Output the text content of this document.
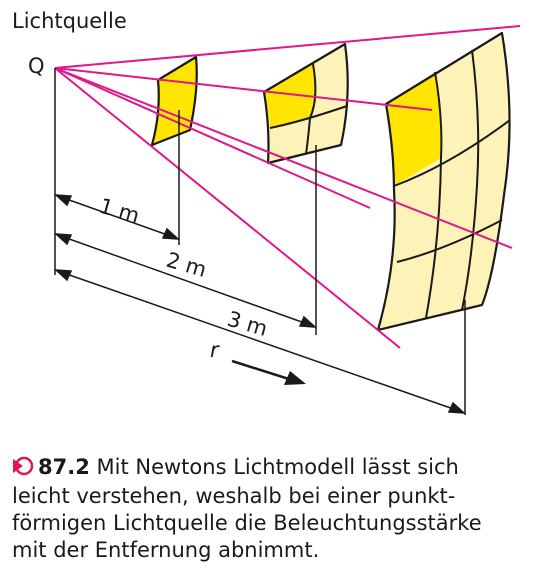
Lichtquelle
Q
1 m
2 m
3 m
r
87.2 Mit Newtons Lichtmodell lässt sich leicht verstehen, weshalb bei einer punkt-förmigen Lichtquelle die Beleuchtungsstärke mit der Entfernung abnimmt.
